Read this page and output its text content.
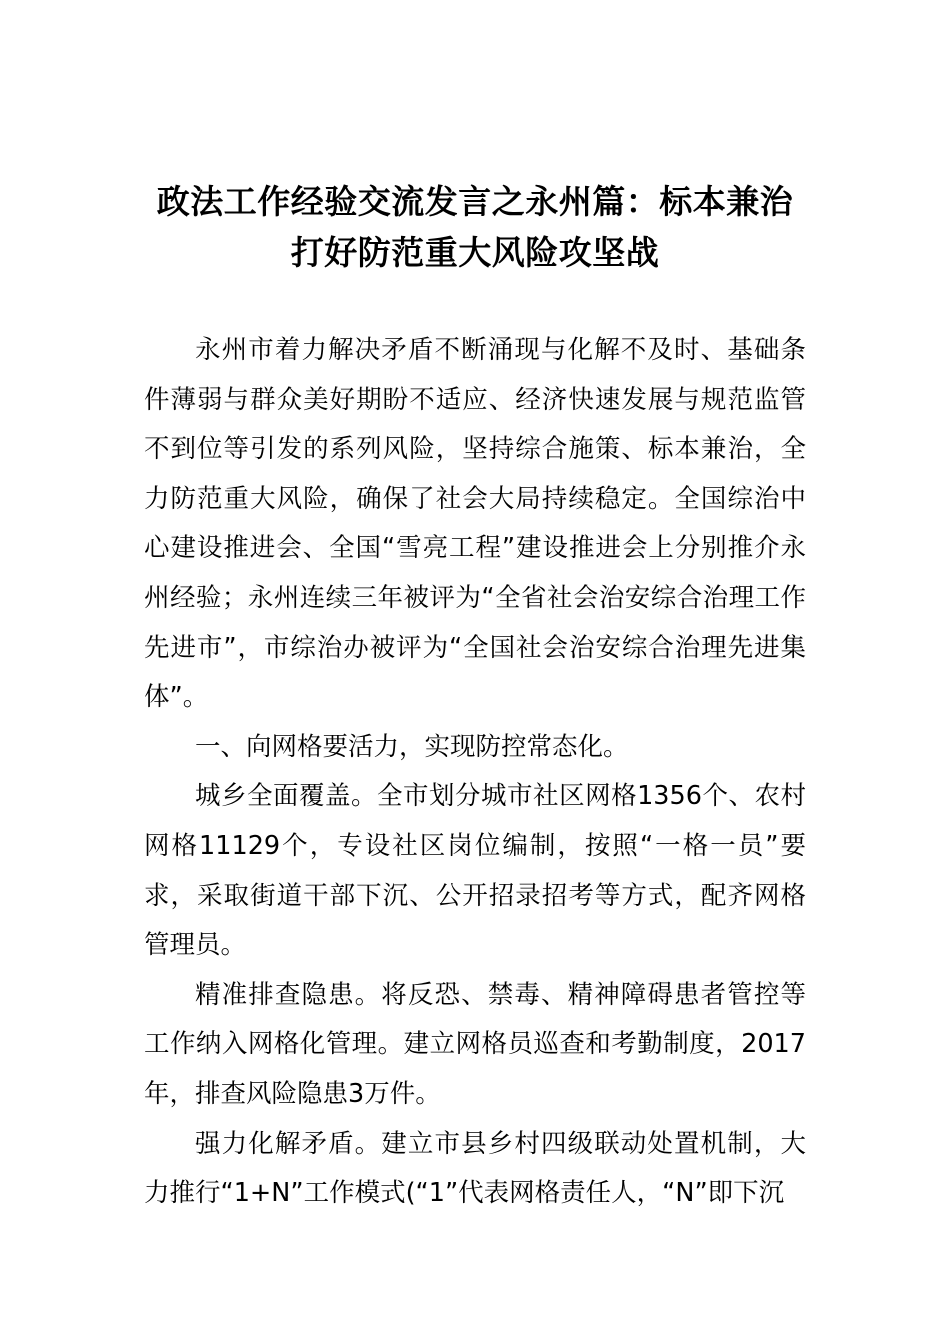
政法工作经验交流发言之永州篇：标本兼治 打好防范重大风险攻坚战

永州市着力解决矛盾不断涌现与化解不及时、基础条件薄弱与群众美好期盼不适应、经济快速发展与规范监管不到位等引发的系列风险，坚持综合施策、标本兼治，全力防范重大风险，确保了社会大局持续稳定。全国综治中心建设推进会、全国“雪亮工程”建设推进会上分别推介永州经验；永州连续三年被评为“全省社会治安综合治理工作先进市”，市综治办被评为“全国社会治安综合治理先进集体”。

一、向网格要活力，实现防控常态化。

城乡全面覆盖。全市划分城市社区网格1356个、农村网格11129个，专设社区岗位编制，按照“一格一员”要求，采取街道干部下沉、公开招录招考等方式，配齐网格管理员。

精准排查隐患。将反恐、禁毒、精神障碍患者管控等工作纳入网格化管理。建立网格员巡查和考勤制度，2017年，排查风险隐患3万件。

强力化解矛盾。建立市县乡村四级联动处置机制，大力推行“1+N”工作模式(“1”代表网格责任人，“N”即下沉
